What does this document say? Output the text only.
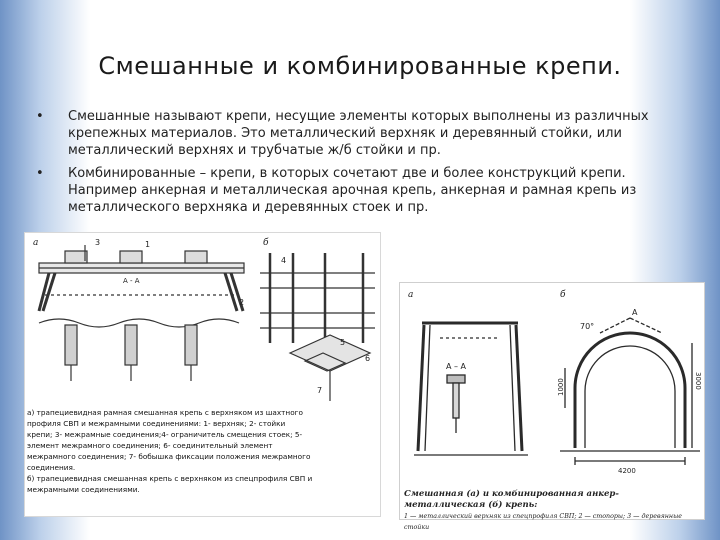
Смешанные и комбинированные крепи.
• Смешанные называют крепи, несущие элементы которых выполнены из различных крепежных материалов. Это металлический верхняк и деревянный стойки, или металлический верхнях и трубчатые ж/б стойки и пр.
• Комбинированные – крепи, в которых сочетают две и более конструкций крепи. Например анкерная и металлическая арочная крепь, анкерная и рамная крепь из металлического верхняка и деревянных стоек и пр.
а	б
А - А
1
2
3
4
5
6
7
а) трапециевидная рамная смешанная крепь с верхняком из шахтного
профиля СВП и межрамными соединениями: 1- верхняк; 2- стойки
крепи; 3- межрамные соединения;4- ограничитель смещения стоек; 5-
элемент межрамного соединения; 6- соединительный элемент
межрамного соединения; 7- бобышка фиксации положения межрамного
соединения.
б) трапециевидная смешанная крепь с верхняком из спецпрофиля СВП и
межрамными соединениями.
а	б
А – А
70°
А
1000
4200
3000
Смешанная (а) и комбинированная анкер-металлическая (б) крепь:
1 — металлический верхняк из спецпрофиля СВП; 2 — стопоры; 3 — деревянные стойки
